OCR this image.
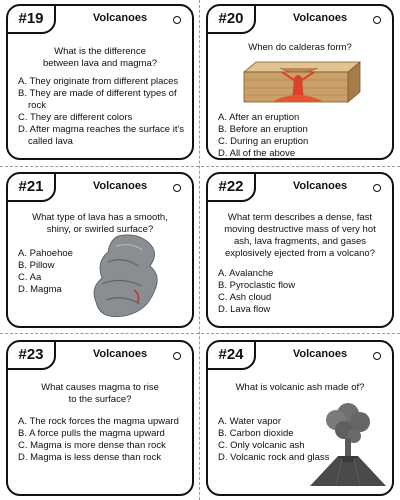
#19	Volcanoes
What is the difference between lava and magma?
A. They originate from different places
B. They are made of different types of rock
C. They are different colors
D. After magma reaches the surface it's called lava
#20	Volcanoes
When do calderas form?
A. After an eruption
B. Before an eruption
C. During an eruption
D. All of the above
#21	Volcanoes
What type of lava has a smooth, shiny, or swirled surface?
A. Pahoehoe
B. Pillow
C. Aa
D. Magma
#22	Volcanoes
What term describes a dense, fast moving destructive mass of very hot ash, lava fragments, and gases explosively ejected from a volcano?
A. Avalanche
B. Pyroclastic flow
C. Ash cloud
D. Lava flow
#23	Volcanoes
What causes magma to rise to the surface?
A. The rock forces the magma upward
B. A force pulls the magma upward
C. Magma is more dense than rock
D. Magma is less dense than rock
#24	Volcanoes
What is volcanic ash made of?
A. Water vapor
B. Carbon dioxide
C. Only volcanic ash
D. Volcanic rock and glass
